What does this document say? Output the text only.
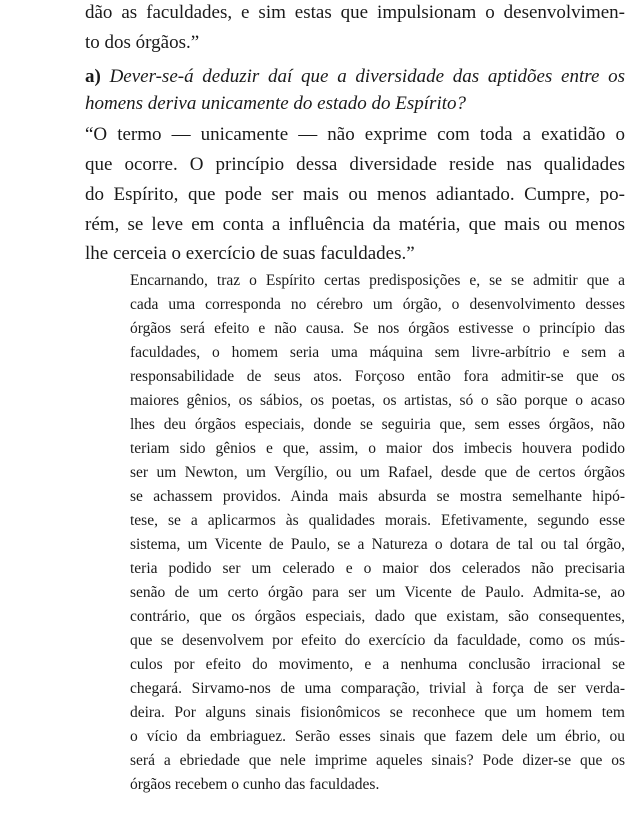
dão as faculdades, e sim estas que impulsionam o desenvolvimen-

to dos órgãos.”

a) Dever-se-á deduzir daí que a diversidade das aptidões entre os

homens deriva unicamente do estado do Espírito?

“O termo — unicamente — não exprime com toda a exatidão o

que ocorre. O princípio dessa diversidade reside nas qualidades

do Espírito, que pode ser mais ou menos adiantado. Cumpre, po-

rém, se leve em conta a influência da matéria, que mais ou menos

lhe cerceia o exercício de suas faculdades.”

Encarnando, traz o Espírito certas predisposições e, se se admitir que a

cada uma corresponda no cérebro um órgão, o desenvolvimento desses

órgãos será efeito e não causa. Se nos órgãos estivesse o princípio das

faculdades, o homem seria uma máquina sem livre-arbítrio e sem a

responsabilidade de seus atos. Forçoso então fora admitir-se que os

maiores gênios, os sábios, os poetas, os artistas, só o são porque o acaso

lhes deu órgãos especiais, donde se seguiria que, sem esses órgãos, não

teriam sido gênios e que, assim, o maior dos imbecis houvera podido

ser um Newton, um Vergílio, ou um Rafael, desde que de certos órgãos

se achassem providos. Ainda mais absurda se mostra semelhante hipó-

tese, se a aplicarmos às qualidades morais. Efetivamente, segundo esse

sistema, um Vicente de Paulo, se a Natureza o dotara de tal ou tal órgão,

teria podido ser um celerado e o maior dos celerados não precisaria

senão de um certo órgão para ser um Vicente de Paulo. Admita-se, ao

contrário, que os órgãos especiais, dado que existam, são consequentes,

que se desenvolvem por efeito do exercício da faculdade, como os mús-

culos por efeito do movimento, e a nenhuma conclusão irracional se

chegará. Sirvamo-nos de uma comparação, trivial à força de ser verda-

deira. Por alguns sinais fisionômicos se reconhece que um homem tem

o vício da embriaguez. Serão esses sinais que fazem dele um ébrio, ou

será a ebriedade que nele imprime aqueles sinais? Pode dizer-se que os

órgãos recebem o cunho das faculdades.
